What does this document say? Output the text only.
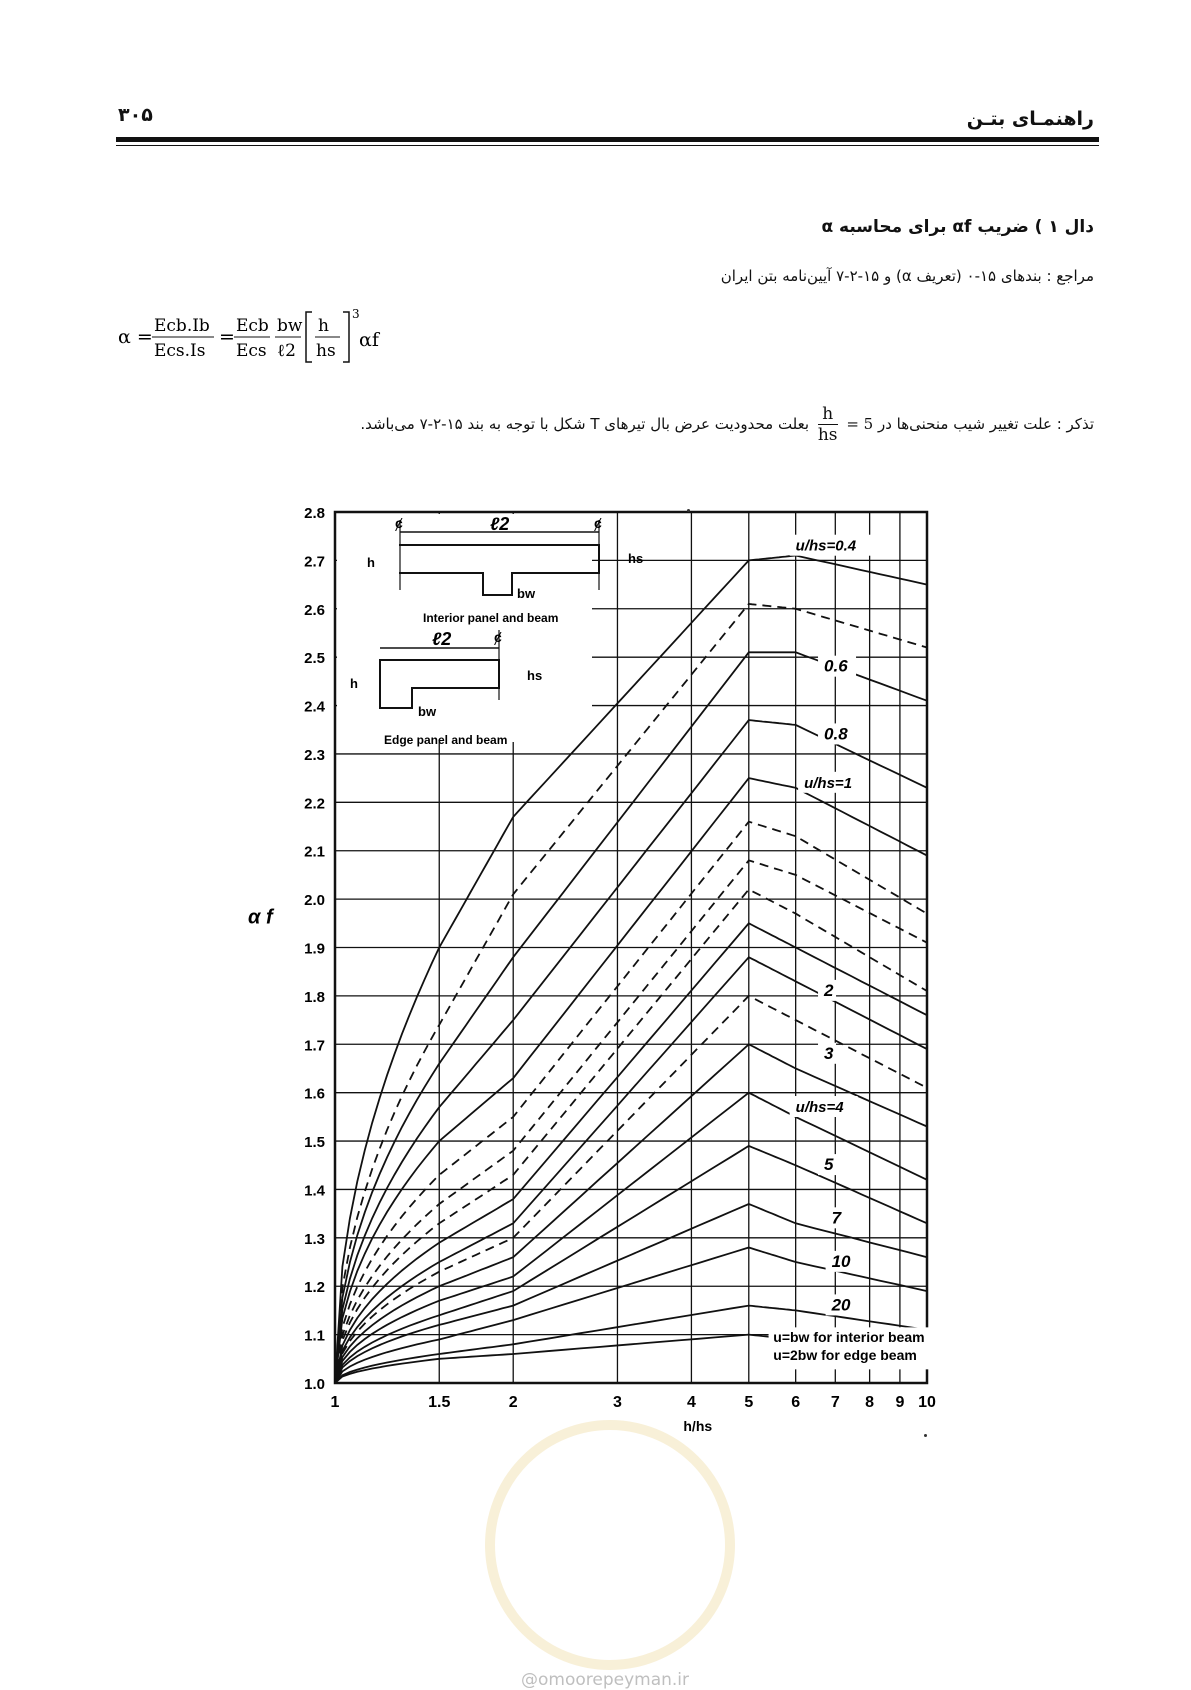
راهنمـای بتـن
۳۰۵
دال ۱ ) ضریب αf برای محاسبه α
مراجع : بندهای ۱۵-۰ (تعریف α) و ۱۵-۲-۷ آیین‌نامه بتن ایران
α = Ecb.Ib
Ecs.Is
= Ecb
Ecs
bw
ℓ2
h
hs
3
αf
تذکر : علت تغییر شیب منحنی‌ها در 5 =
$\frac{h}{hs}$
بعلت محدودیت عرض بال تیرهای T شکل با توجه به بند ۱۵-۲-۷ می‌باشد.
1.0
1.1
1.2
1.3
1.4
1.5
1.6
1.7
1.8
1.9
2.0
2.1
2.2
2.3
2.4
2.5
2.6
2.7
2.8
1	1.5	2	3	4	5 6 7 8 9 10
h/hs
α f
u/hs=0.4
0.6
0.8
u/hs=1
2
3
u/hs=4
5
7
10
20
u=bw for interior beam
u=2bw for edge beam
ȼ	ȼ
ℓ2
h	hs
bw
Interior panel and beam
ȼ
ℓ2
h
hs
bw
Edge panel and beam
@omoorepeyman.ir
